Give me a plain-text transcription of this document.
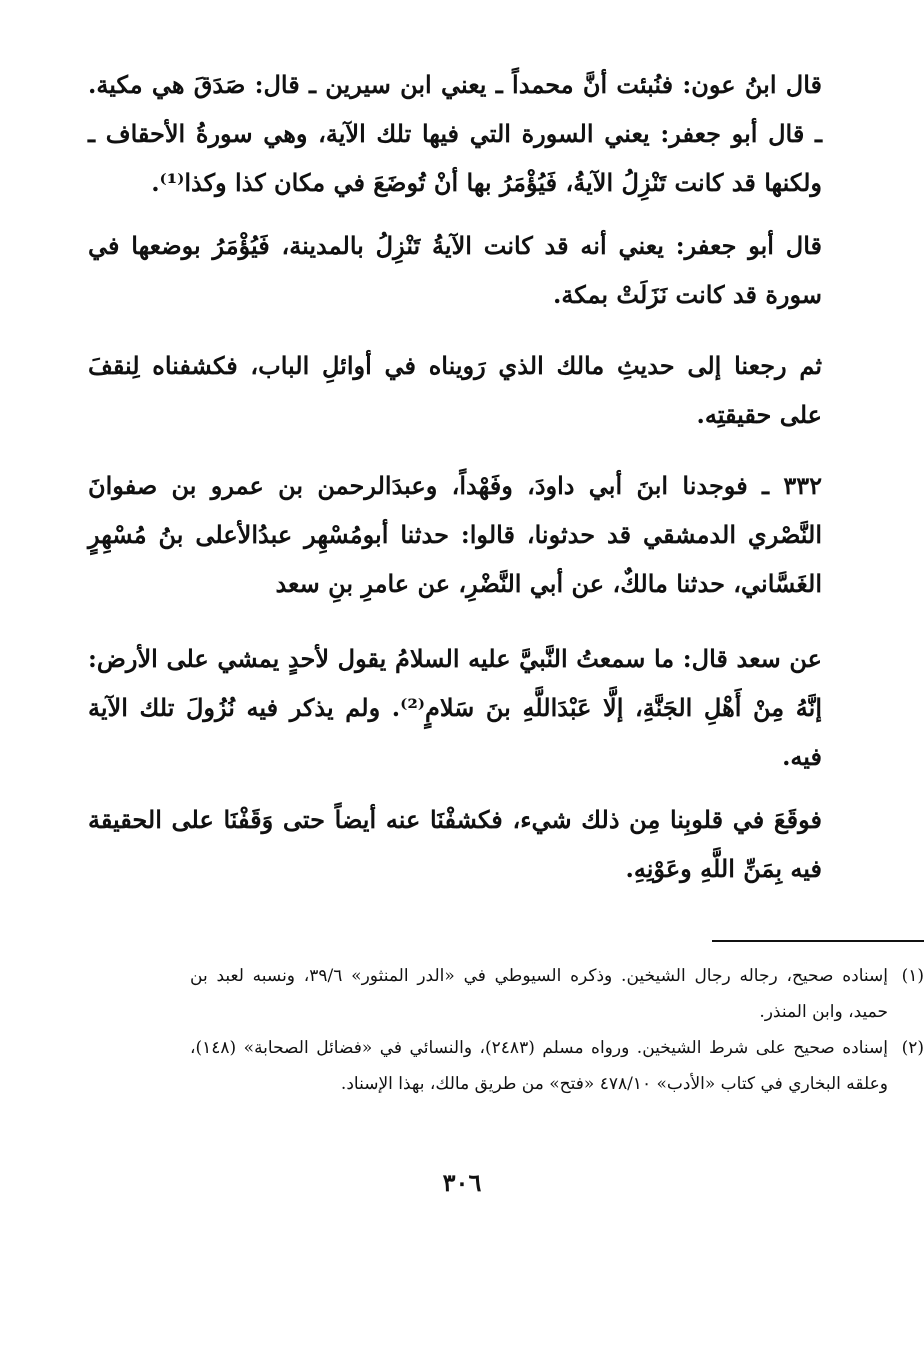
قال ابنُ عون: فنُبئت أنَّ محمداً ـ يعني ابن سيرين ـ قال: صَدَقَ هي مكية. ـ قال أبو جعفر: يعني السورة التي فيها تلك الآية، وهي سورةُ الأحقاف ـ ولكنها قد كانت تَنْزِلُ الآيةُ، فَيُؤْمَرُ بها أنْ تُوضَعَ في مكان كذا وكذا⁽¹⁾.

قال أبو جعفر: يعني أنه قد كانت الآيةُ تَنْزِلُ بالمدينة، فَيُؤْمَرُ بوضعها في سورة قد كانت نَزَلَتْ بمكة.

ثم رجعنا إلى حديثِ مالك الذي رَويناه في أوائلِ الباب، فكشفناه لِنقفَ على حقيقتِه.

٣٣٢ ـ فوجدنا ابنَ أبي داودَ، وفَهْداً، وعبدَالرحمن بن عمرو بن صفوانَ النَّصْري الدمشقي قد حدثونا، قالوا: حدثنا أبومُسْهِر عبدُالأعلى بنُ مُسْهِرٍ الغَسَّاني، حدثنا مالكٌ، عن أبي النَّضْرِ، عن عامرِ بنِ سعد

عن سعد قال: ما سمعتُ النَّبيَّ عليه السلامُ يقول لأحدٍ يمشي على الأرض: إنَّهُ مِنْ أَهْلِ الجَنَّةِ، إلَّا عَبْدَاللَّهِ بنَ سَلامٍ⁽²⁾. ولم يذكر فيه نُزُولَ تلك الآية فيه.

فوقَعَ في قلوبِنا مِن ذلك شيء، فكشفْنَا عنه أيضاً حتى وَقَفْنَا على الحقيقة فيه بِمَنِّ اللَّهِ وعَوْنِهِ.

(١)
إسناده صحيح، رجاله رجال الشيخين. وذكره السيوطي في «الدر المنثور» ٣٩/٦، ونسبه لعبد بن حميد، وابن المنذر.
(٢)
إسناده صحيح على شرط الشيخين. ورواه مسلم (٢٤٨٣)، والنسائي في «فضائل الصحابة» (١٤٨)، وعلقه البخاري في كتاب «الأدب» ٤٧٨/١٠ «فتح» من طريق مالك، بهذا الإسناد.
٣٠٦
